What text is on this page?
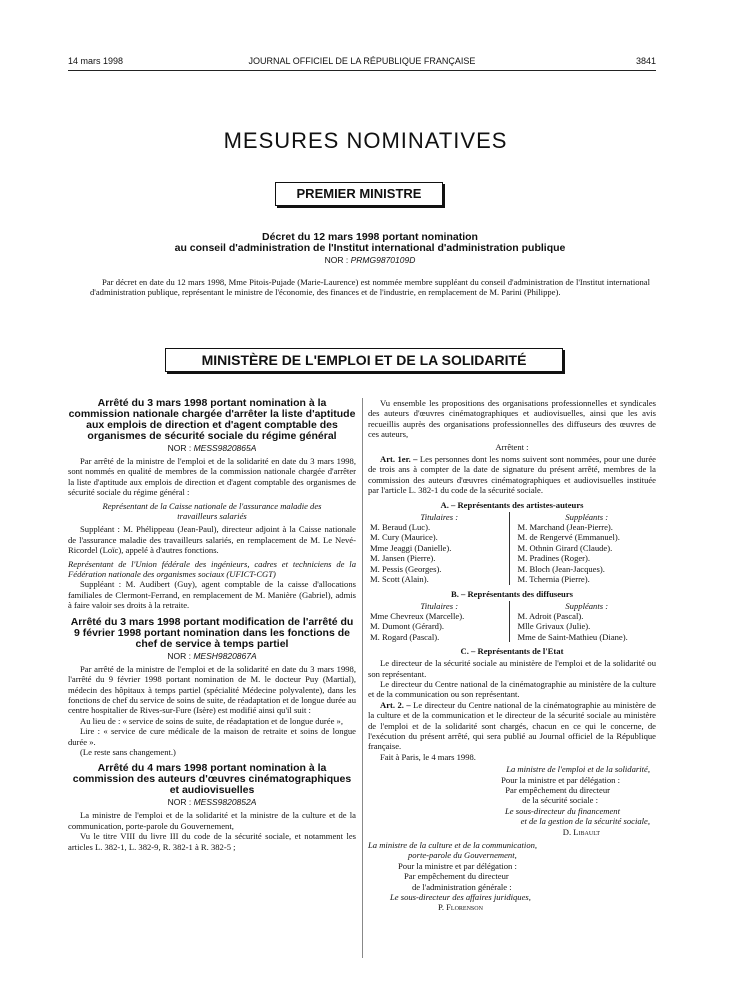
14 mars 1998	JOURNAL OFFICIEL DE LA RÉPUBLIQUE FRANÇAISE	3841
MESURES NOMINATIVES
PREMIER MINISTRE
Décret du 12 mars 1998 portant nomination
au conseil d'administration de l'Institut international d'administration publique
NOR : PRMG9870109D

Par décret en date du 12 mars 1998, Mme Pitois-Pujade (Marie-Laurence) est nommée membre suppléant du conseil d'administration de l'Institut international d'administration publique, représentant le ministre de l'économie, des finances et de l'industrie, en remplacement de M. Parini (Philippe).

MINISTÈRE DE L'EMPLOI ET DE LA SOLIDARITÉ
Arrêté du 3 mars 1998 portant nomination à la commission nationale chargée d'arrêter la liste d'aptitude aux emplois de direction et d'agent comptable des organismes de sécurité sociale du régime général
NOR : MESS9820865A

Par arrêté de la ministre de l'emploi et de la solidarité en date du 3 mars 1998, sont nommés en qualité de membres de la commission nationale chargée d'arrêter la liste d'aptitude aux emplois de direction et d'agent comptable des organismes de sécurité sociale du régime général :

Représentant de la Caisse nationale de l'assurance maladie des travailleurs salariés

Suppléant : M. Phélippeau (Jean-Paul), directeur adjoint à la Caisse nationale de l'assurance maladie des travailleurs salariés, en remplacement de M. Le Nevé-Ricordel (Loïc), appelé à d'autres fonctions.

Représentant de l'Union fédérale des ingénieurs, cadres et techniciens de la Fédération nationale des organismes sociaux (UFICT-CGT)

Suppléant : M. Audibert (Guy), agent comptable de la caisse d'allocations familiales de Clermont-Ferrand, en remplacement de M. Manière (Gabriel), admis à faire valoir ses droits à la retraite.

Arrêté du 3 mars 1998 portant modification de l'arrêté du 9 février 1998 portant nomination dans les fonctions de chef de service à temps partiel
NOR : MESH9820867A

Par arrêté de la ministre de l'emploi et de la solidarité en date du 3 mars 1998, l'arrêté du 9 février 1998 portant nomination de M. le docteur Puy (Martial), médecin des hôpitaux à temps partiel (spécialité Médecine polyvalente), dans les fonctions de chef du service de soins de suite, de réadaptation et de longue durée au centre hospitalier de Rives-sur-Fure (Isère) est modifié ainsi qu'il suit :

Au lieu de : « service de soins de suite, de réadaptation et de longue durée »,

Lire : « service de cure médicale de la maison de retraite et soins de longue durée ».

(Le reste sans changement.)

Arrêté du 4 mars 1998 portant nomination à la commission des auteurs d'œuvres cinématographiques et audiovisuelles
NOR : MESS9820852A

La ministre de l'emploi et de la solidarité et la ministre de la culture et de la communication, porte-parole du Gouvernement,

Vu le titre VIII du livre III du code de la sécurité sociale, et notamment les articles L. 382-1, L. 382-9, R. 382-1 à R. 382-5 ;

Vu ensemble les propositions des organisations professionnelles et syndicales des auteurs d'œuvres cinématographiques et audiovisuelles, ainsi que les avis recueillis auprès des organisations professionnelles des diffuseurs des œuvres de ces auteurs,

Arrêtent :

Art. 1er. – Les personnes dont les noms suivent sont nommées, pour une durée de trois ans à compter de la date de signature du présent arrêté, membres de la commission des auteurs d'œuvres cinématographiques et audiovisuelles instituée par l'article L. 382-1 du code de la sécurité sociale.

A. – Représentants des artistes-auteurs
Titulaires :
M. Beraud (Luc).
M. Cury (Maurice).
Mme Jeaggi (Danielle).
M. Jansen (Pierre).
M. Pessis (Georges).
M. Scott (Alain).
Suppléants :
M. Marchand (Jean-Pierre).
M. de Rengervé (Emmanuel).
M. Othnin Girard (Claude).
M. Pradines (Roger).
M. Bloch (Jean-Jacques).
M. Tchernia (Pierre).
B. – Représentants des diffuseurs
Titulaires :
Mme Chevreux (Marcelle).
M. Dumont (Gérard).
M. Rogard (Pascal).
Suppléants :
M. Adroit (Pascal).
Mlle Grivaux (Julie).
Mme de Saint-Mathieu (Diane).
C. – Représentants de l'Etat

Le directeur de la sécurité sociale au ministère de l'emploi et de la solidarité ou son représentant.

Le directeur du Centre national de la cinématographie au ministère de la culture et de la communication ou son représentant.

Art. 2. – Le directeur du Centre national de la cinématographie au ministère de la culture et de la communication et le directeur de la sécurité sociale au ministère de l'emploi et de la solidarité sont chargés, chacun en ce qui le concerne, de l'exécution du présent arrêté, qui sera publié au Journal officiel de la République française.

Fait à Paris, le 4 mars 1998.

La ministre de l'emploi et de la solidarité,
Pour la ministre et par délégation :
Par empêchement du directeur
de la sécurité sociale :
Le sous-directeur du financement
et de la gestion de la sécurité sociale,
D. Libault
La ministre de la culture et de la communication,
porte-parole du Gouvernement,
Pour la ministre et par délégation :
Par empêchement du directeur
de l'administration générale :
Le sous-directeur des affaires juridiques,
P. Florenson
